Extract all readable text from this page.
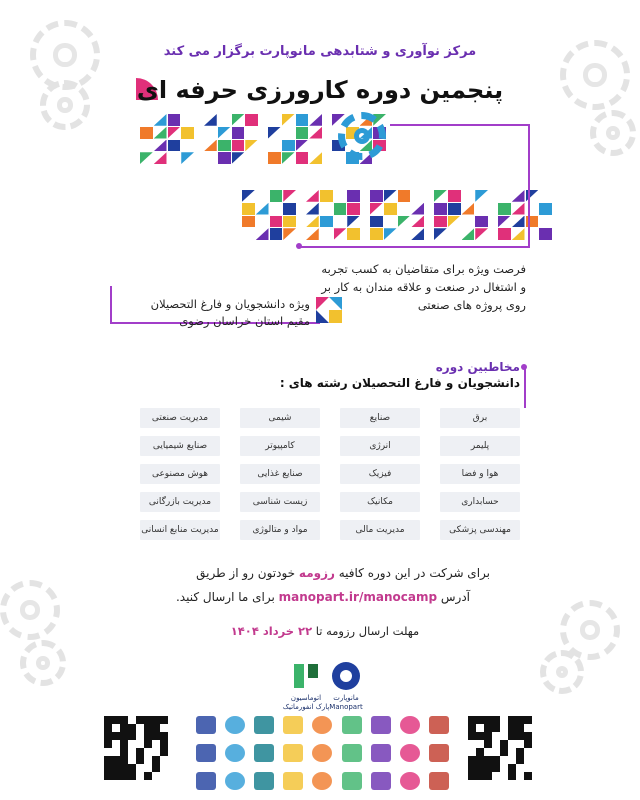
مرکز نوآوری و شتابدهی مانوپارت برگزار می کند
پنجمین دوره کارورزی حرفه ای
فرصت ویژه برای متقاضیان به کسب تجربه
و اشتغال در صنعت و علاقه مندان به کار بر
روی پروژه های صنعتی
ویژه دانشجویان و فارغ التحصیلان
مقیم استان خراسان رضوی
مخاطبین دوره
دانشجویان و فارغ التحصیلان رشته های :
برق
صنایع
شیمی
مدیریت صنعتی
پلیمر
انرژی
کامپیوتر
صنایع شیمیایی
هوا و فضا
فیزیک
صنایع غذایی
هوش مصنوعی
حسابداری
مکانیک
زیست شناسی
مدیریت بازرگانی
مهندسی پزشکی
مدیریت مالی
مواد و متالوژی
مدیریت منابع انسانی
برای شرکت در این دوره کافیه رزومه خودتون رو از طریق
آدرس manopart.ir/manocamp برای ما ارسال کنید.
مهلت ارسال رزومه تا ۲۲ خرداد ۱۴۰۴
اتوماسیون
پارک انفورماتیک
مانوپارت
Manopart
